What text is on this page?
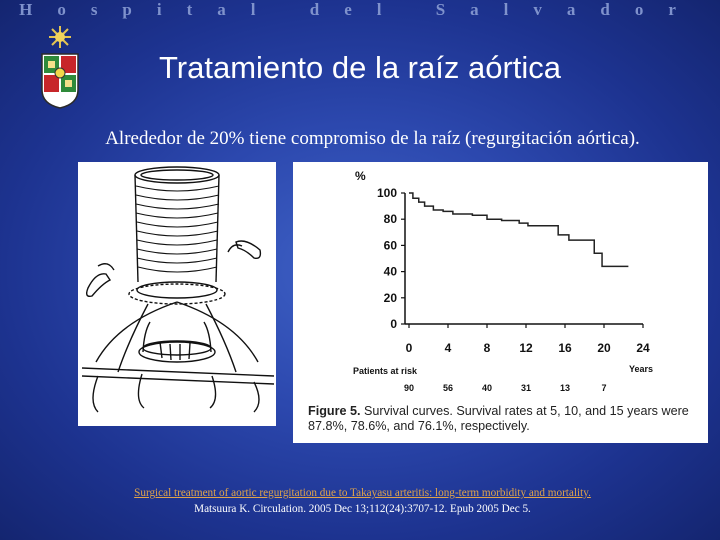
Hospital del Salvador
Tratamiento de la raíz aórtica
Alrededor de 20% tiene compromiso de la raíz (regurgitación aórtica).
0
20
40
60
80
100
0	4	8 12 16 20 24
%
Years
Patients at risk
90	56	40	31	13	7
Figure 5. Survival curves. Survival rates at 5, 10, and 15 years were 87.8%, 78.6%, and 76.1%, respectively.
Surgical treatment of aortic regurgitation due to Takayasu arteritis: long-term morbidity and mortality.
Matsuura K. Circulation. 2005 Dec 13;112(24):3707-12. Epub 2005 Dec 5.
